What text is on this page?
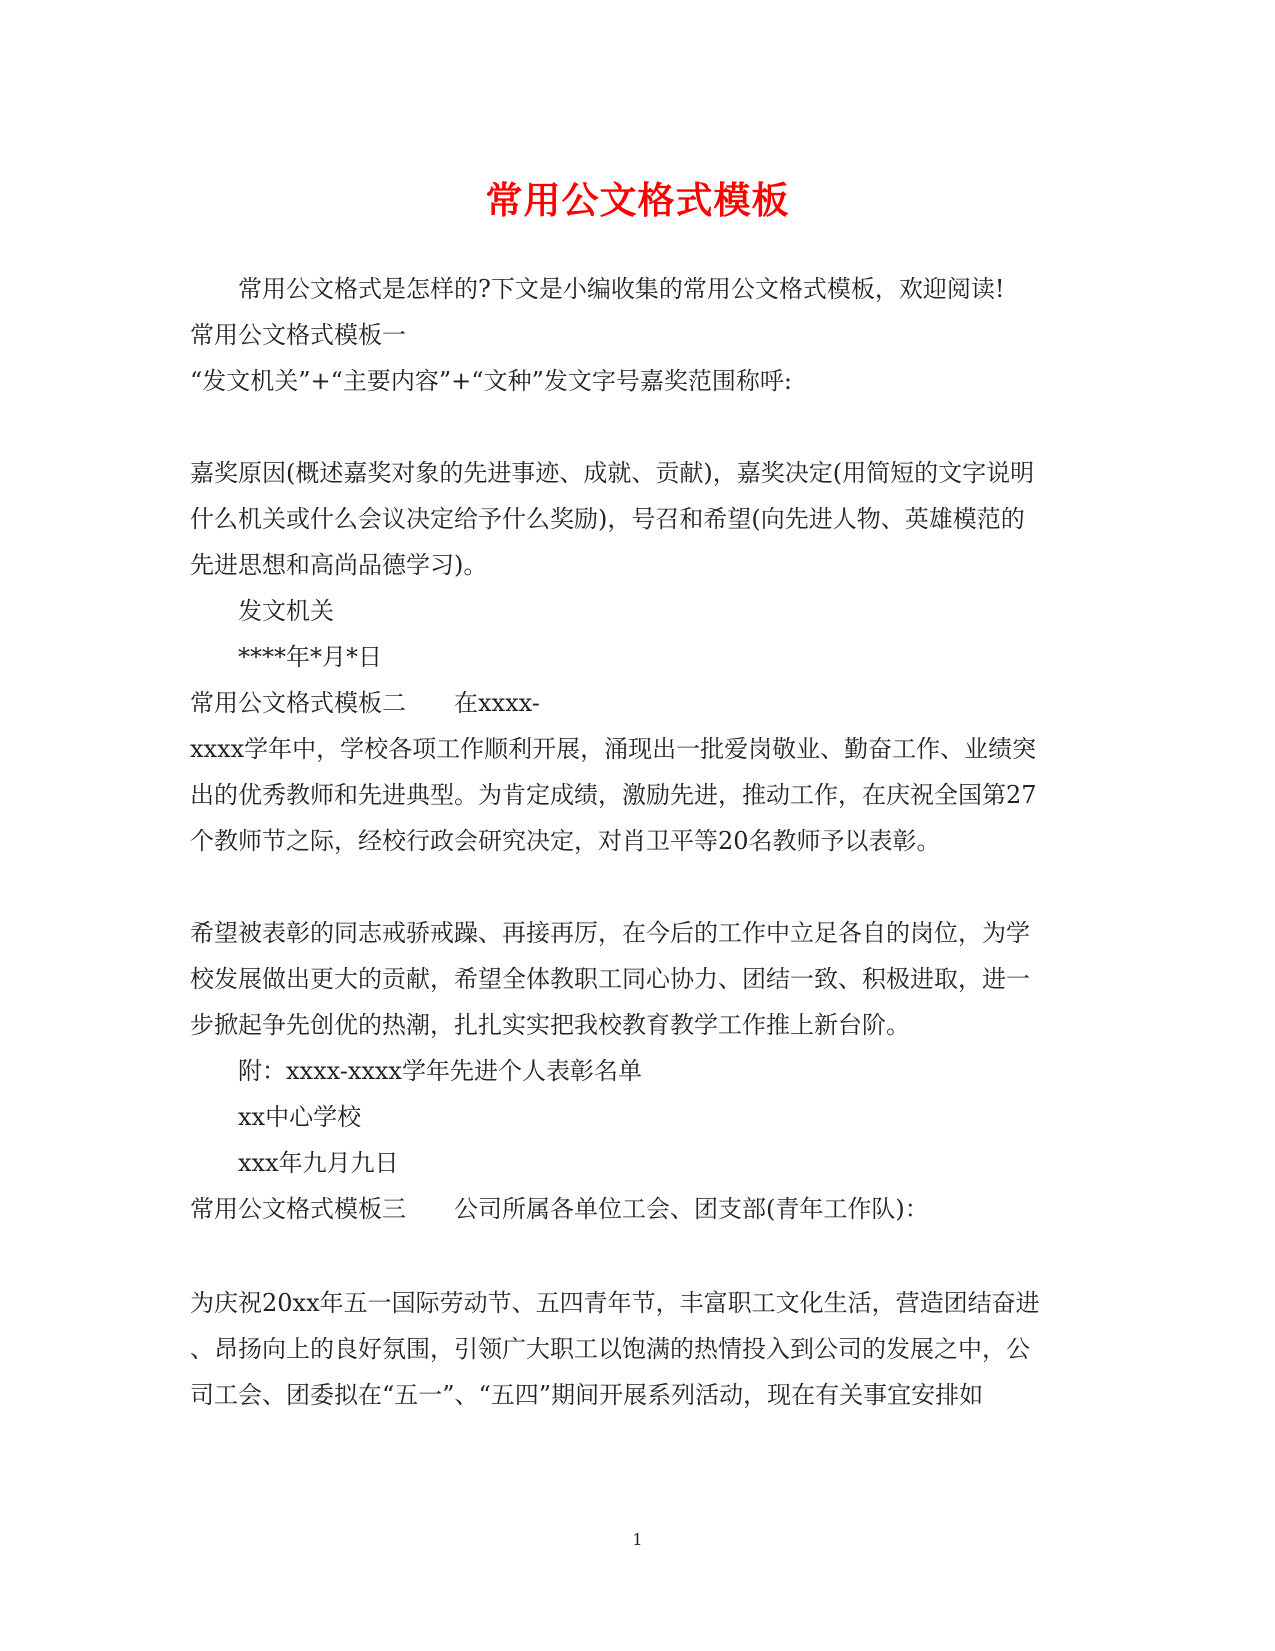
常用公文格式模板
常用公文格式是怎样的?下文是小编收集的常用公文格式模板，欢迎阅读!
常用公文格式模板一
“发文机关”+“主要内容”+“文种”发文字号嘉奖范围称呼:
嘉奖原因(概述嘉奖对象的先进事迹、成就、贡献)，嘉奖决定(用简短的文字说明
什么机关或什么会议决定给予什么奖励)，号召和希望(向先进人物、英雄模范的
先进思想和高尚品德学习)。
发文机关
****年*月*日
常用公文格式模板二 在xxxx-
xxxx学年中，学校各项工作顺利开展，涌现出一批爱岗敬业、勤奋工作、业绩突
出的优秀教师和先进典型。为肯定成绩，激励先进，推动工作，在庆祝全国第27
个教师节之际，经校行政会研究决定，对肖卫平等20名教师予以表彰。
希望被表彰的同志戒骄戒躁、再接再厉，在今后的工作中立足各自的岗位，为学
校发展做出更大的贡献，希望全体教职工同心协力、团结一致、积极进取，进一
步掀起争先创优的热潮，扎扎实实把我校教育教学工作推上新台阶。
附：xxxx-xxxx学年先进个人表彰名单
xx中心学校
xxx年九月九日
常用公文格式模板三 公司所属各单位工会、团支部(青年工作队)：
为庆祝20xx年五一国际劳动节、五四青年节，丰富职工文化生活，营造团结奋进
、昂扬向上的良好氛围，引领广大职工以饱满的热情投入到公司的发展之中，公
司工会、团委拟在“五一”、“五四”期间开展系列活动，现在有关事宜安排如
1
